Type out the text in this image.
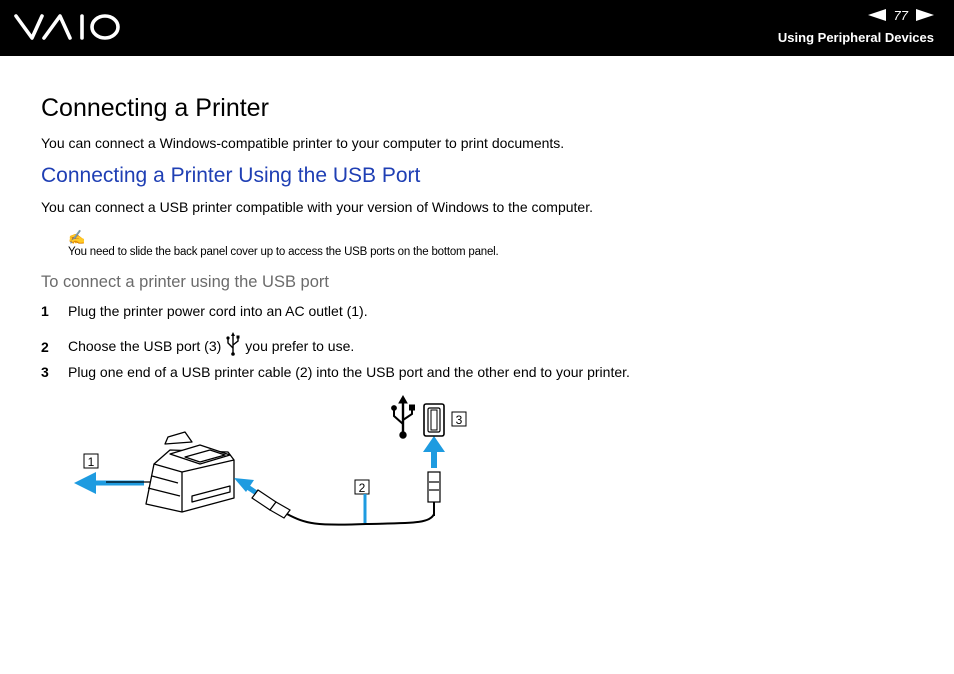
77
Using Peripheral Devices
Connecting a Printer

You can connect a Windows-compatible printer to your computer to print documents.

Connecting a Printer Using the USB Port

You can connect a USB printer compatible with your version of Windows to the computer.

✍
You need to slide the back panel cover up to access the USB ports on the bottom panel.
To connect a printer using the USB port
1 Plug the printer power cord into an AC outlet (1).
2 Choose the USB port (3) you prefer to use.
3 Plug one end of a USB printer cable (2) into the USB port and the other end to your printer.
1
2
3
